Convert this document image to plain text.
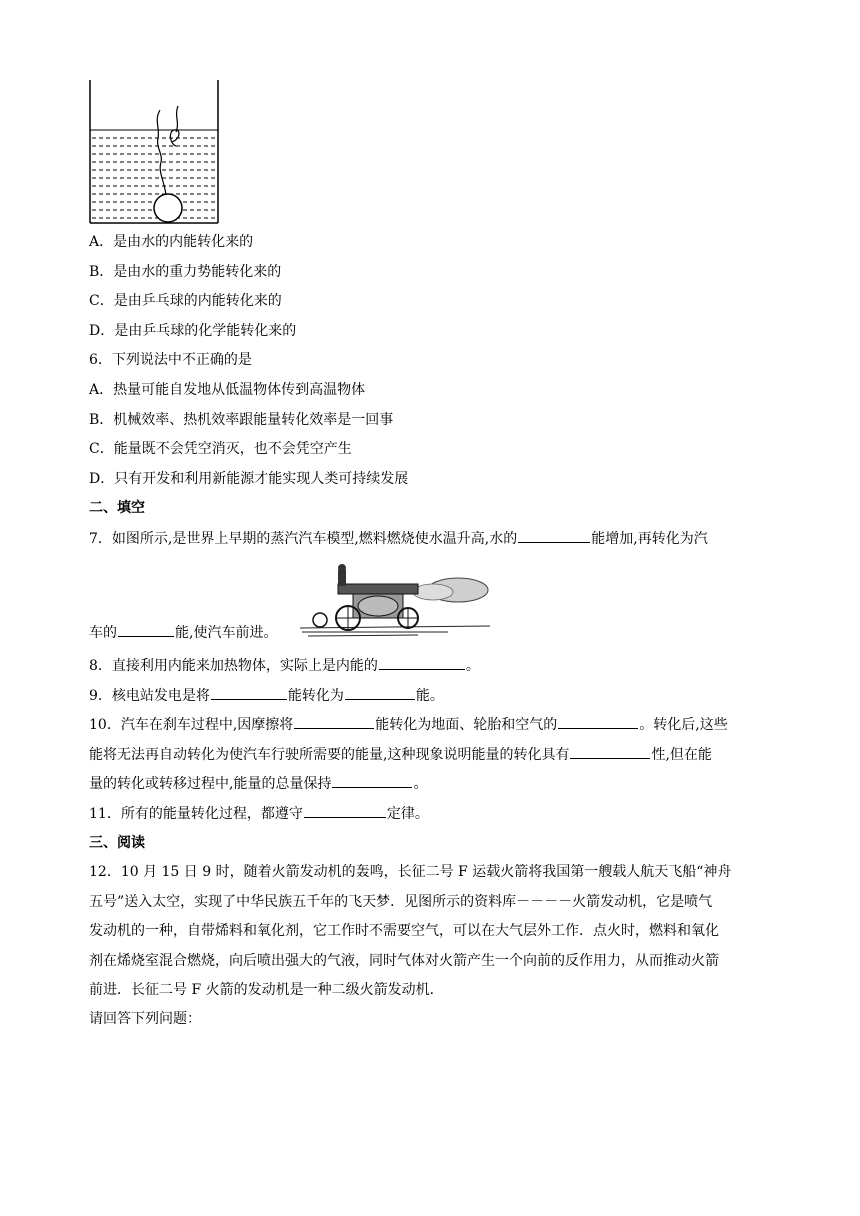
A．是由水的内能转化来的
B．是由水的重力势能转化来的
C．是由乒乓球的内能转化来的
D．是由乒乓球的化学能转化来的
6．下列说法中不正确的是
A．热量可能自发地从低温物体传到高温物体
B．机械效率、热机效率跟能量转化效率是一回事
C．能量既不会凭空消灭，也不会凭空产生
D．只有开发和利用新能源才能实现人类可持续发展
二、填空
7．如图所示,是世界上早期的蒸汽汽车模型,燃料燃烧使水温升高,水的	能增加,再转化为汽
车的	能,使汽车前进。
8．直接利用内能来加热物体，实际上是内能的	。
9．核电站发电是将	能转化为	能。
10．汽车在刹车过程中,因摩擦将	能转化为地面、轮胎和空气的	。转化后,这些
能将无法再自动转化为使汽车行驶所需要的能量,这种现象说明能量的转化具有	性,但在能
量的转化或转移过程中,能量的总量保持	。
11．所有的能量转化过程，都遵守	定律。
三、阅读
12．10 月 15 日 9 时，随着火箭发动机的轰鸣，长征二号 F 运载火箭将我国第一艘载人航天飞船“神舟
五号”送入太空，实现了中华民族五千年的飞天梦．见图所示的资料库－－－－火箭发动机，它是喷气
发动机的一种，自带烯料和氧化剂，它工作时不需要空气，可以在大气层外工作．点火时，燃料和氧化
剂在烯烧室混合燃烧，向后喷出强大的气液，同时气体对火箭产生一个向前的反作用力，从而推动火箭
前进．长征二号 F 火箭的发动机是一种二级火箭发动机．
请回答下列问题：
